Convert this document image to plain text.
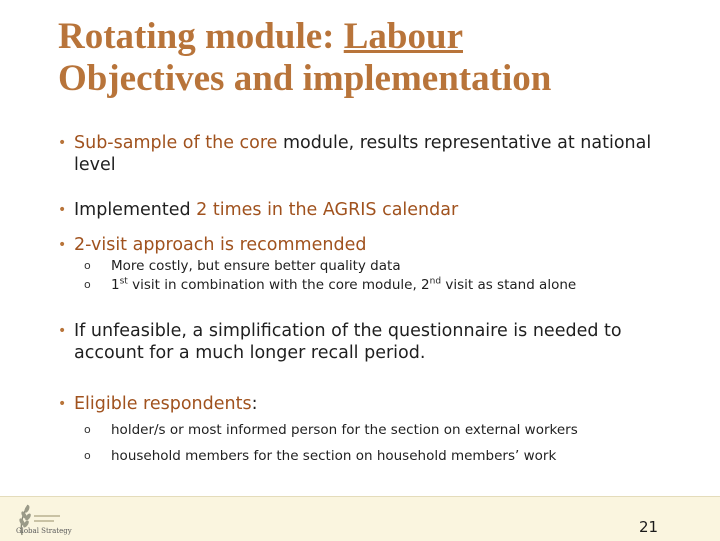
Rotating module: Labour
Objectives and implementation
• Sub-sample of the core module, results representative at national level
• Implemented 2 times in the AGRIS calendar
• 2-visit approach is recommended
o	More costly, but ensure better quality data
o	1st visit in combination with the core module, 2nd visit as stand alone
• If unfeasible, a simplification of the questionnaire is needed to account for a much longer recall period.
• Eligible respondents:
o	holder/s or most informed person for the section on external workers
o	household members for the section on household members’ work
Global Strategy	21
